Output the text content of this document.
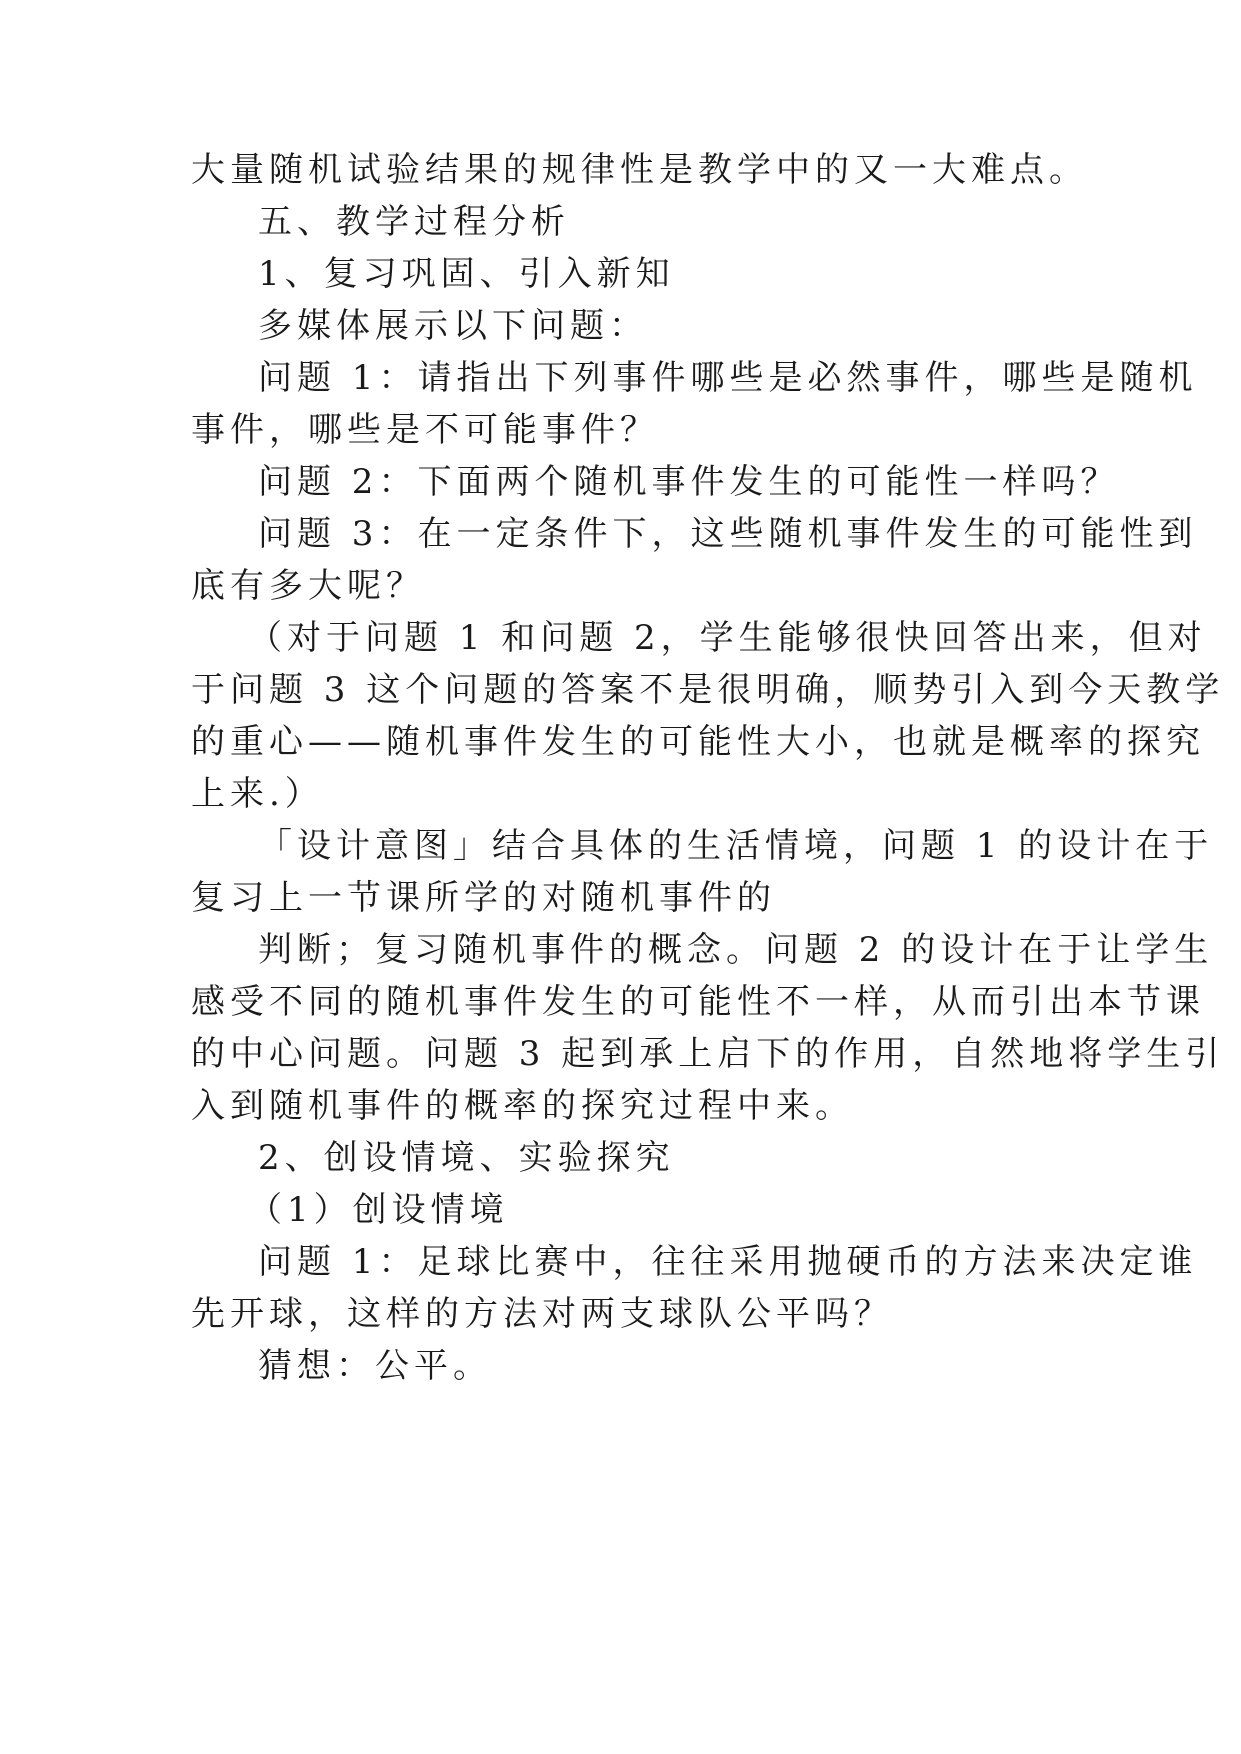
大量随机试验结果的规律性是教学中的又一大难点。

五、教学过程分析

1、复习巩固、引入新知

多媒体展示以下问题：

问题 1：请指出下列事件哪些是必然事件，哪些是随机

事件，哪些是不可能事件？

问题 2：下面两个随机事件发生的可能性一样吗？

问题 3：在一定条件下，这些随机事件发生的可能性到

底有多大呢？

（对于问题 1 和问题 2，学生能够很快回答出来，但对

于问题 3 这个问题的答案不是很明确，顺势引入到今天教学

的重心——随机事件发生的可能性大小，也就是概率的探究

上来.）

「设计意图」结合具体的生活情境，问题 1 的设计在于

复习上一节课所学的对随机事件的

判断；复习随机事件的概念。问题 2 的设计在于让学生

感受不同的随机事件发生的可能性不一样，从而引出本节课

的中心问题。问题 3 起到承上启下的作用，自然地将学生引

入到随机事件的概率的探究过程中来。

2、创设情境、实验探究

（1）创设情境

问题 1：足球比赛中，往往采用抛硬币的方法来决定谁

先开球，这样的方法对两支球队公平吗？

猜想：公平。
